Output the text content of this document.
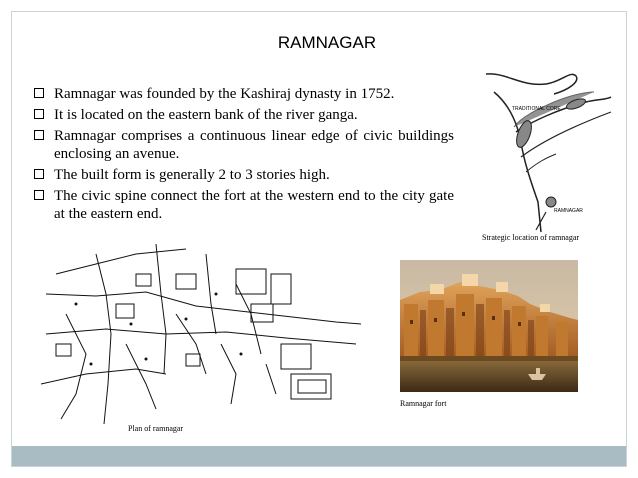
RAMNAGAR
Ramnagar was founded by the Kashiraj dynasty in 1752.
It is located on the eastern bank of the river ganga.
Ramnagar comprises a continuous linear edge of civic buildings enclosing an avenue.
The built form is generally 2 to 3 stories high.
The civic spine connect the fort at the western end to the city gate at the eastern end.
TRADITIONAL CORE
RAMNAGAR
Strategic location of ramnagar
Plan of ramnagar
Ramnagar fort
